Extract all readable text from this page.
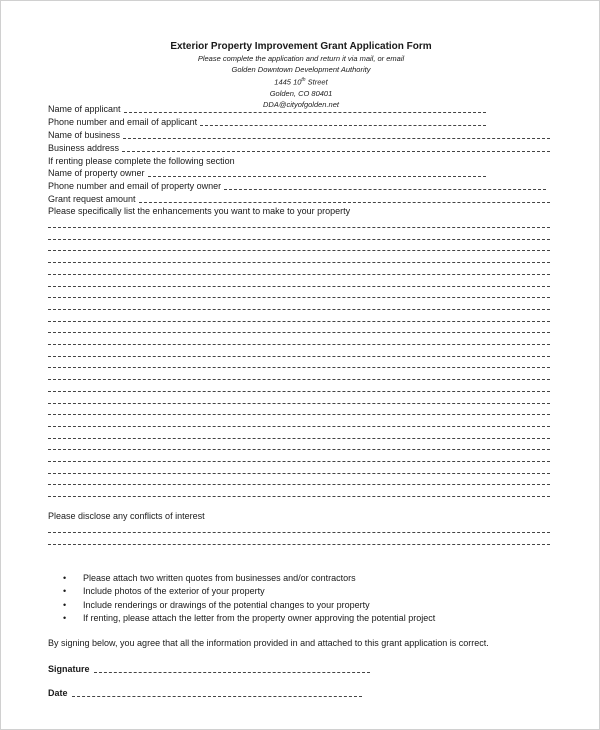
Exterior Property Improvement Grant Application Form

Please complete the application and return it via mail, or email

Golden Downtown Development Authority

1445 10th Street

Golden, CO 80401

DDA@cityofgolden.net

Name of applicant
Phone number and email of applicant
Name of business
Business address
If renting please complete the following section
Name of property owner
Phone number and email of property owner
Grant request amount
Please specifically list the enhancements you want to make to your property
Please disclose any conflicts of interest
• Please attach two written quotes from businesses and/or contractors
• Include photos of the exterior of your property
• Include renderings or drawings of the potential changes to your property
• If renting, please attach the letter from the property owner approving the potential project
By signing below, you agree that all the information provided in and attached to this grant application is correct.
Signature
Date
